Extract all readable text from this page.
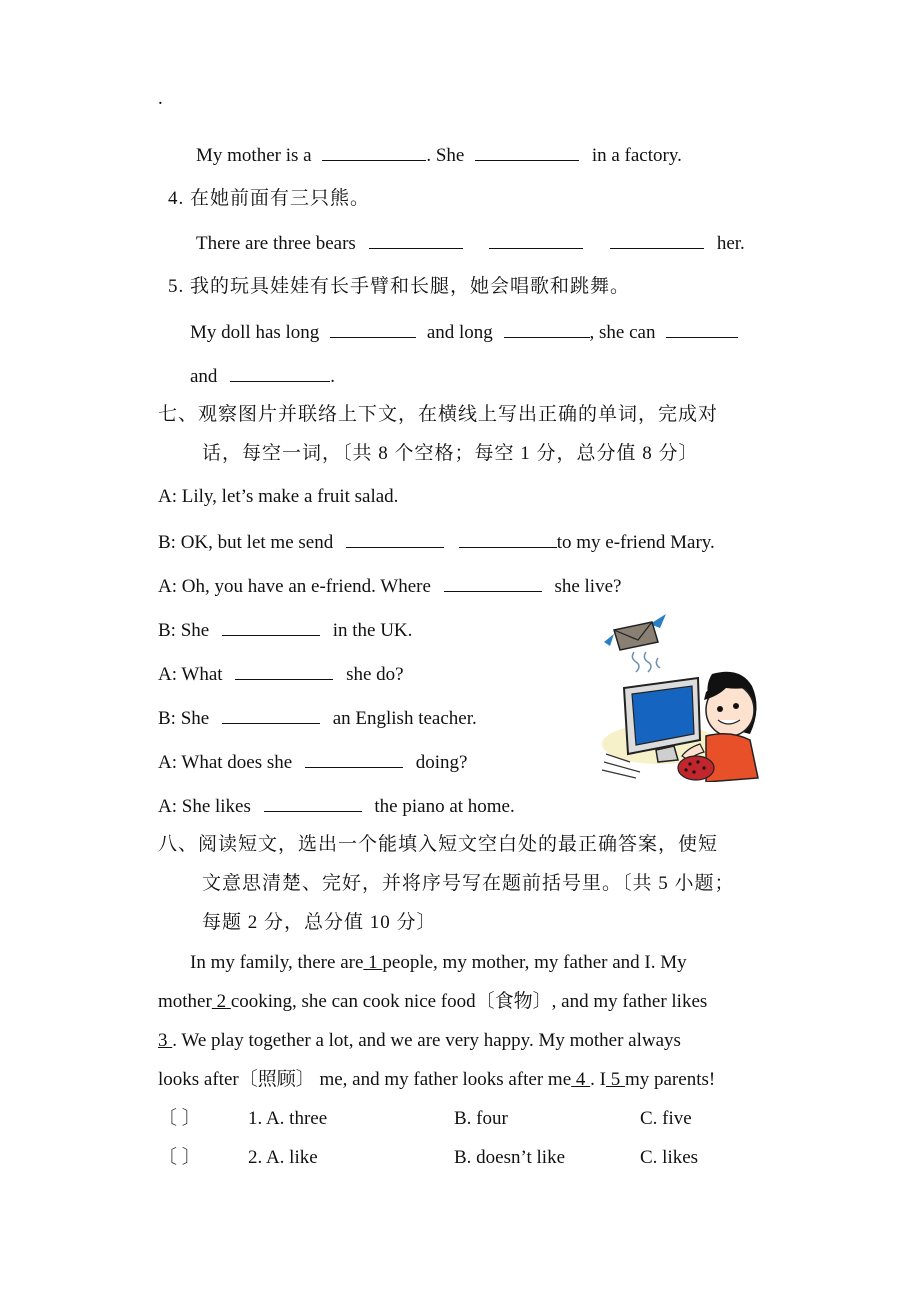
.
My mother is a	. She	in a factory.
4. 在她前面有三只熊。
There are three bears	her.
5. 我的玩具娃娃有长手臂和长腿，她会唱歌和跳舞。
My doll has long	and long	, she can
and	.
七、观察图片并联络上下文，在横线上写出正确的单词，完成对
话，每空一词，〔共 8 个空格；每空 1 分，总分值 8 分〕
A: Lily, let’s make a fruit salad.
B: OK, but let me send	to my e-friend Mary.
A: Oh, you have an e-friend. Where	she live?
B: She	in the UK.
A: What	she do?
B: She	an English teacher.
A: What does she	doing?
A: She likes	the piano at home.
八、阅读短文，选出一个能填入短文空白处的最正确答案，使短
文意思清楚、完好，并将序号写在题前括号里。〔共 5 小题；
每题 2 分，总分值 10 分〕
In my family, there are 1 people, my mother, my father and I. My
mother 2 cooking, she can cook nice food〔食物〕, and my father likes
3 . We play together a lot, and we are very happy. My mother always
looks after〔照顾〕 me, and my father looks after me 4 . I 5 my parents!
〔 〕 1. A. three	B. four	C. five
〔 〕 2. A. like	B. doesn’t like	C. likes
